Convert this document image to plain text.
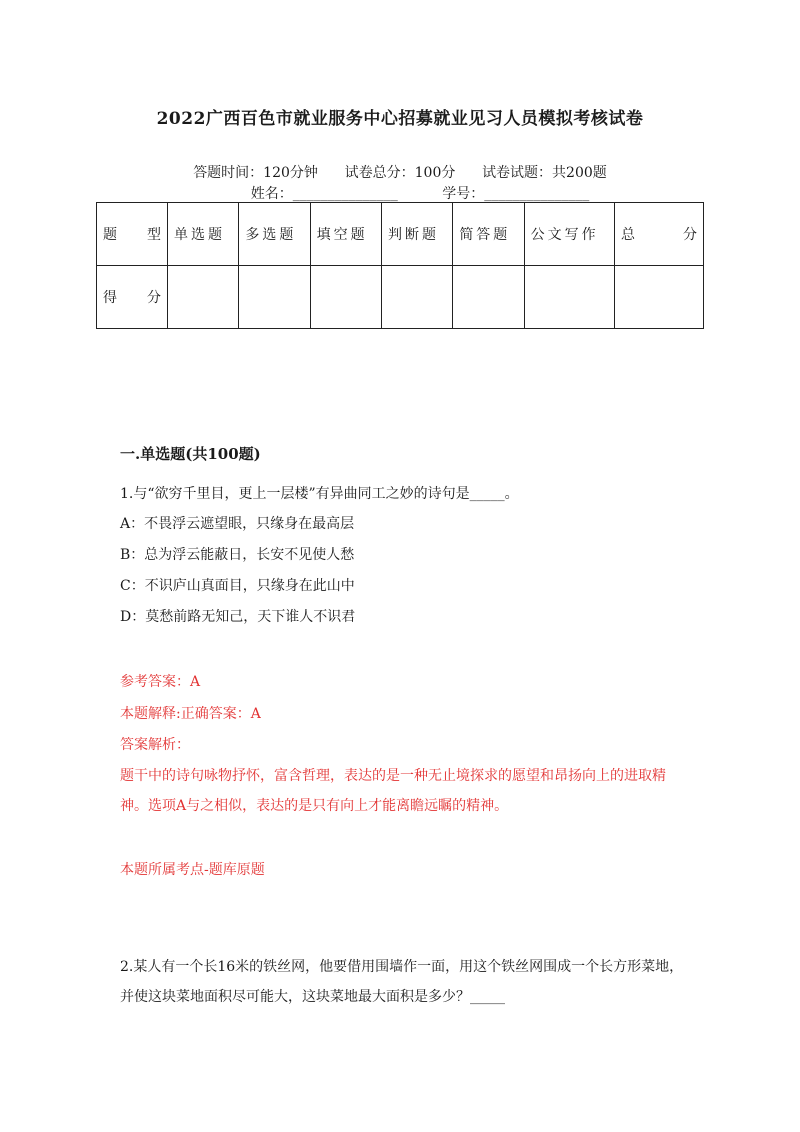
2022广西百色市就业服务中心招募就业见习人员模拟考核试卷
答题时间：120分钟 试卷总分：100分 试卷试题：共200题
姓名：_______________	学号：_______________
题 型	单选题	多选题	填空题	判断题	简答题	公文写作	总 分

得 分							

一.单选题(共100题)
1.与“欲穷千里目，更上一层楼”有异曲同工之妙的诗句是_____。
A：不畏浮云遮望眼，只缘身在最高层
B：总为浮云能蔽日，长安不见使人愁
C：不识庐山真面目，只缘身在此山中
D：莫愁前路无知己，天下谁人不识君
参考答案：A
本题解释:正确答案：A
答案解析：
题干中的诗句咏物抒怀，富含哲理，表达的是一种无止境探求的愿望和昂扬向上的进取精神。选项A与之相似，表达的是只有向上才能离瞻远瞩的精神。
本题所属考点-题库原题
2.某人有一个长16米的铁丝网，他要借用围墙作一面，用这个铁丝网围成一个长方形菜地，并使这块菜地面积尽可能大，这块菜地最大面积是多少？_____
